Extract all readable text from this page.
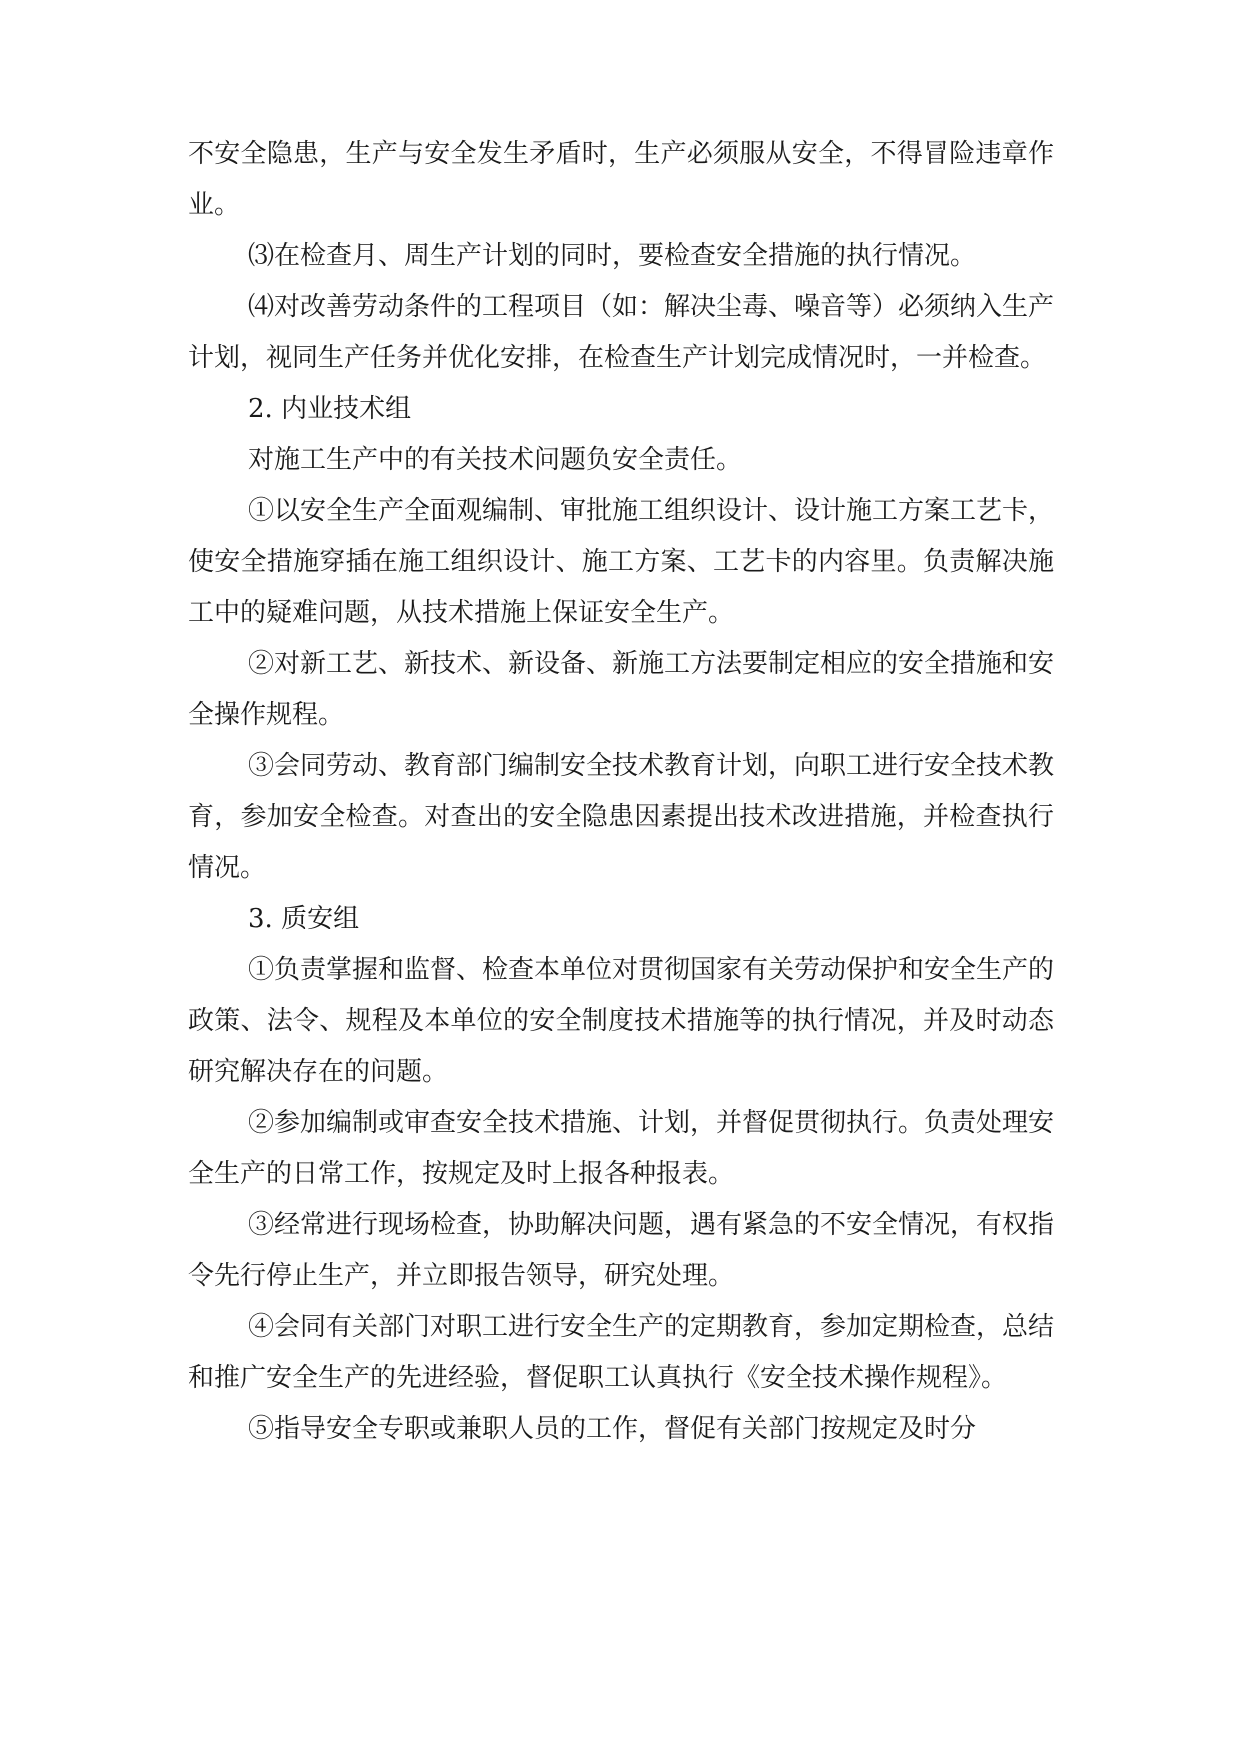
不安全隐患，生产与安全发生矛盾时，生产必须服从安全，不得冒险违章作业。

⑶在检查月、周生产计划的同时，要检查安全措施的执行情况。

⑷对改善劳动条件的工程项目（如：解决尘毒、噪音等）必须纳入生产计划，视同生产任务并优化安排，在检查生产计划完成情况时，一并检查。

2. 内业技术组

对施工生产中的有关技术问题负安全责任。

①以安全生产全面观编制、审批施工组织设计、设计施工方案工艺卡，使安全措施穿插在施工组织设计、施工方案、工艺卡的内容里。负责解决施工中的疑难问题，从技术措施上保证安全生产。

②对新工艺、新技术、新设备、新施工方法要制定相应的安全措施和安全操作规程。

③会同劳动、教育部门编制安全技术教育计划，向职工进行安全技术教育，参加安全检查。对查出的安全隐患因素提出技术改进措施，并检查执行情况。

3. 质安组

①负责掌握和监督、检查本单位对贯彻国家有关劳动保护和安全生产的政策、法令、规程及本单位的安全制度技术措施等的执行情况，并及时动态研究解决存在的问题。

②参加编制或审查安全技术措施、计划，并督促贯彻执行。负责处理安全生产的日常工作，按规定及时上报各种报表。

③经常进行现场检查，协助解决问题，遇有紧急的不安全情况，有权指令先行停止生产，并立即报告领导，研究处理。

④会同有关部门对职工进行安全生产的定期教育，参加定期检查，总结和推广安全生产的先进经验，督促职工认真执行《安全技术操作规程》。

⑤指导安全专职或兼职人员的工作，督促有关部门按规定及时分
